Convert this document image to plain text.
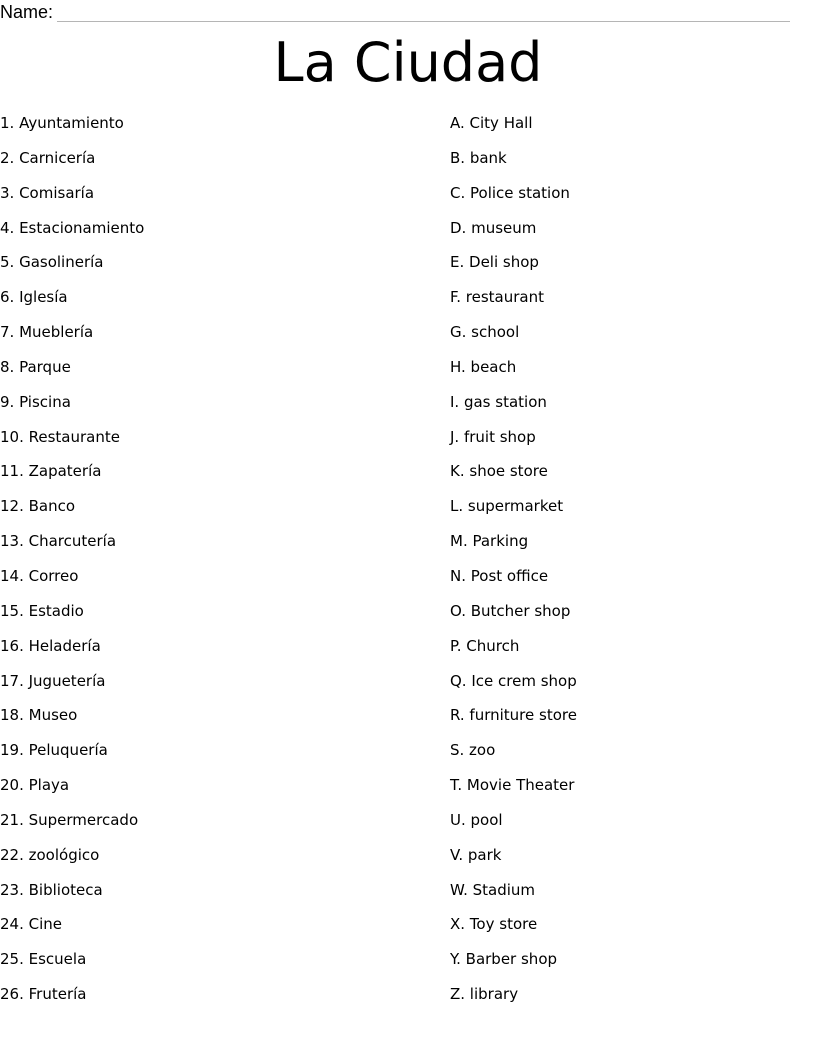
Name:
La Ciudad
1. Ayuntamiento
2. Carnicería
3. Comisaría
4. Estacionamiento
5. Gasolinería
6. Iglesía
7. Mueblería
8. Parque
9. Piscina
10. Restaurante
11. Zapatería
12. Banco
13. Charcutería
14. Correo
15. Estadio
16. Heladería
17. Juguetería
18. Museo
19. Peluquería
20. Playa
21. Supermercado
22. zoológico
23. Biblioteca
24. Cine
25. Escuela
26. Frutería
A. City Hall
B. bank
C. Police station
D. museum
E. Deli shop
F. restaurant
G. school
H. beach
I. gas station
J. fruit shop
K. shoe store
L. supermarket
M. Parking
N. Post office
O. Butcher shop
P. Church
Q. Ice crem shop
R. furniture store
S. zoo
T. Movie Theater
U. pool
V. park
W. Stadium
X. Toy store
Y. Barber shop
Z. library
